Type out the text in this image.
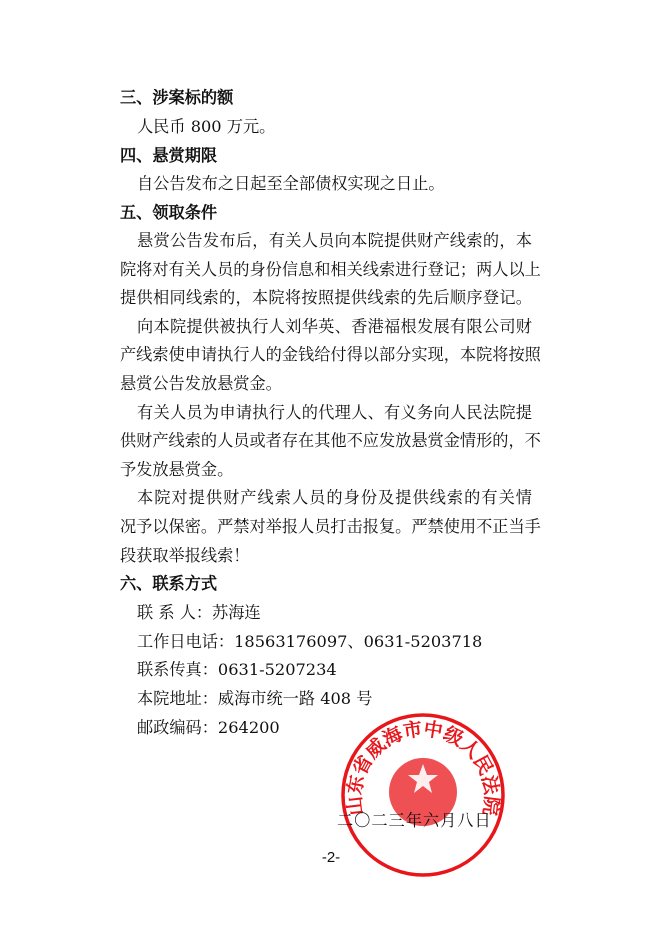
三、涉案标的额
人民币 800 万元。
四、悬赏期限
自公告发布之日起至全部债权实现之日止。
五、领取条件
悬赏公告发布后，有关人员向本院提供财产线索的，本
院将对有关人员的身份信息和相关线索进行登记；两人以上
提供相同线索的，本院将按照提供线索的先后顺序登记。
向本院提供被执行人刘华英、香港福根发展有限公司财
产线索使申请执行人的金钱给付得以部分实现，本院将按照
悬赏公告发放悬赏金。
有关人员为申请执行人的代理人、有义务向人民法院提
供财产线索的人员或者存在其他不应发放悬赏金情形的，不
予发放悬赏金。
本院对提供财产线索人员的身份及提供线索的有关情
况予以保密。严禁对举报人员打击报复。严禁使用不正当手
段获取举报线索！
六、联系方式
联 系 人：苏海连
工作日电话：18563176097、0631-5203718
联系传真：0631-5207234
本院地址：威海市统一路 408 号
邮政编码：264200
山东省威海市中级人民法院
二〇二三年六月八日
-2-
